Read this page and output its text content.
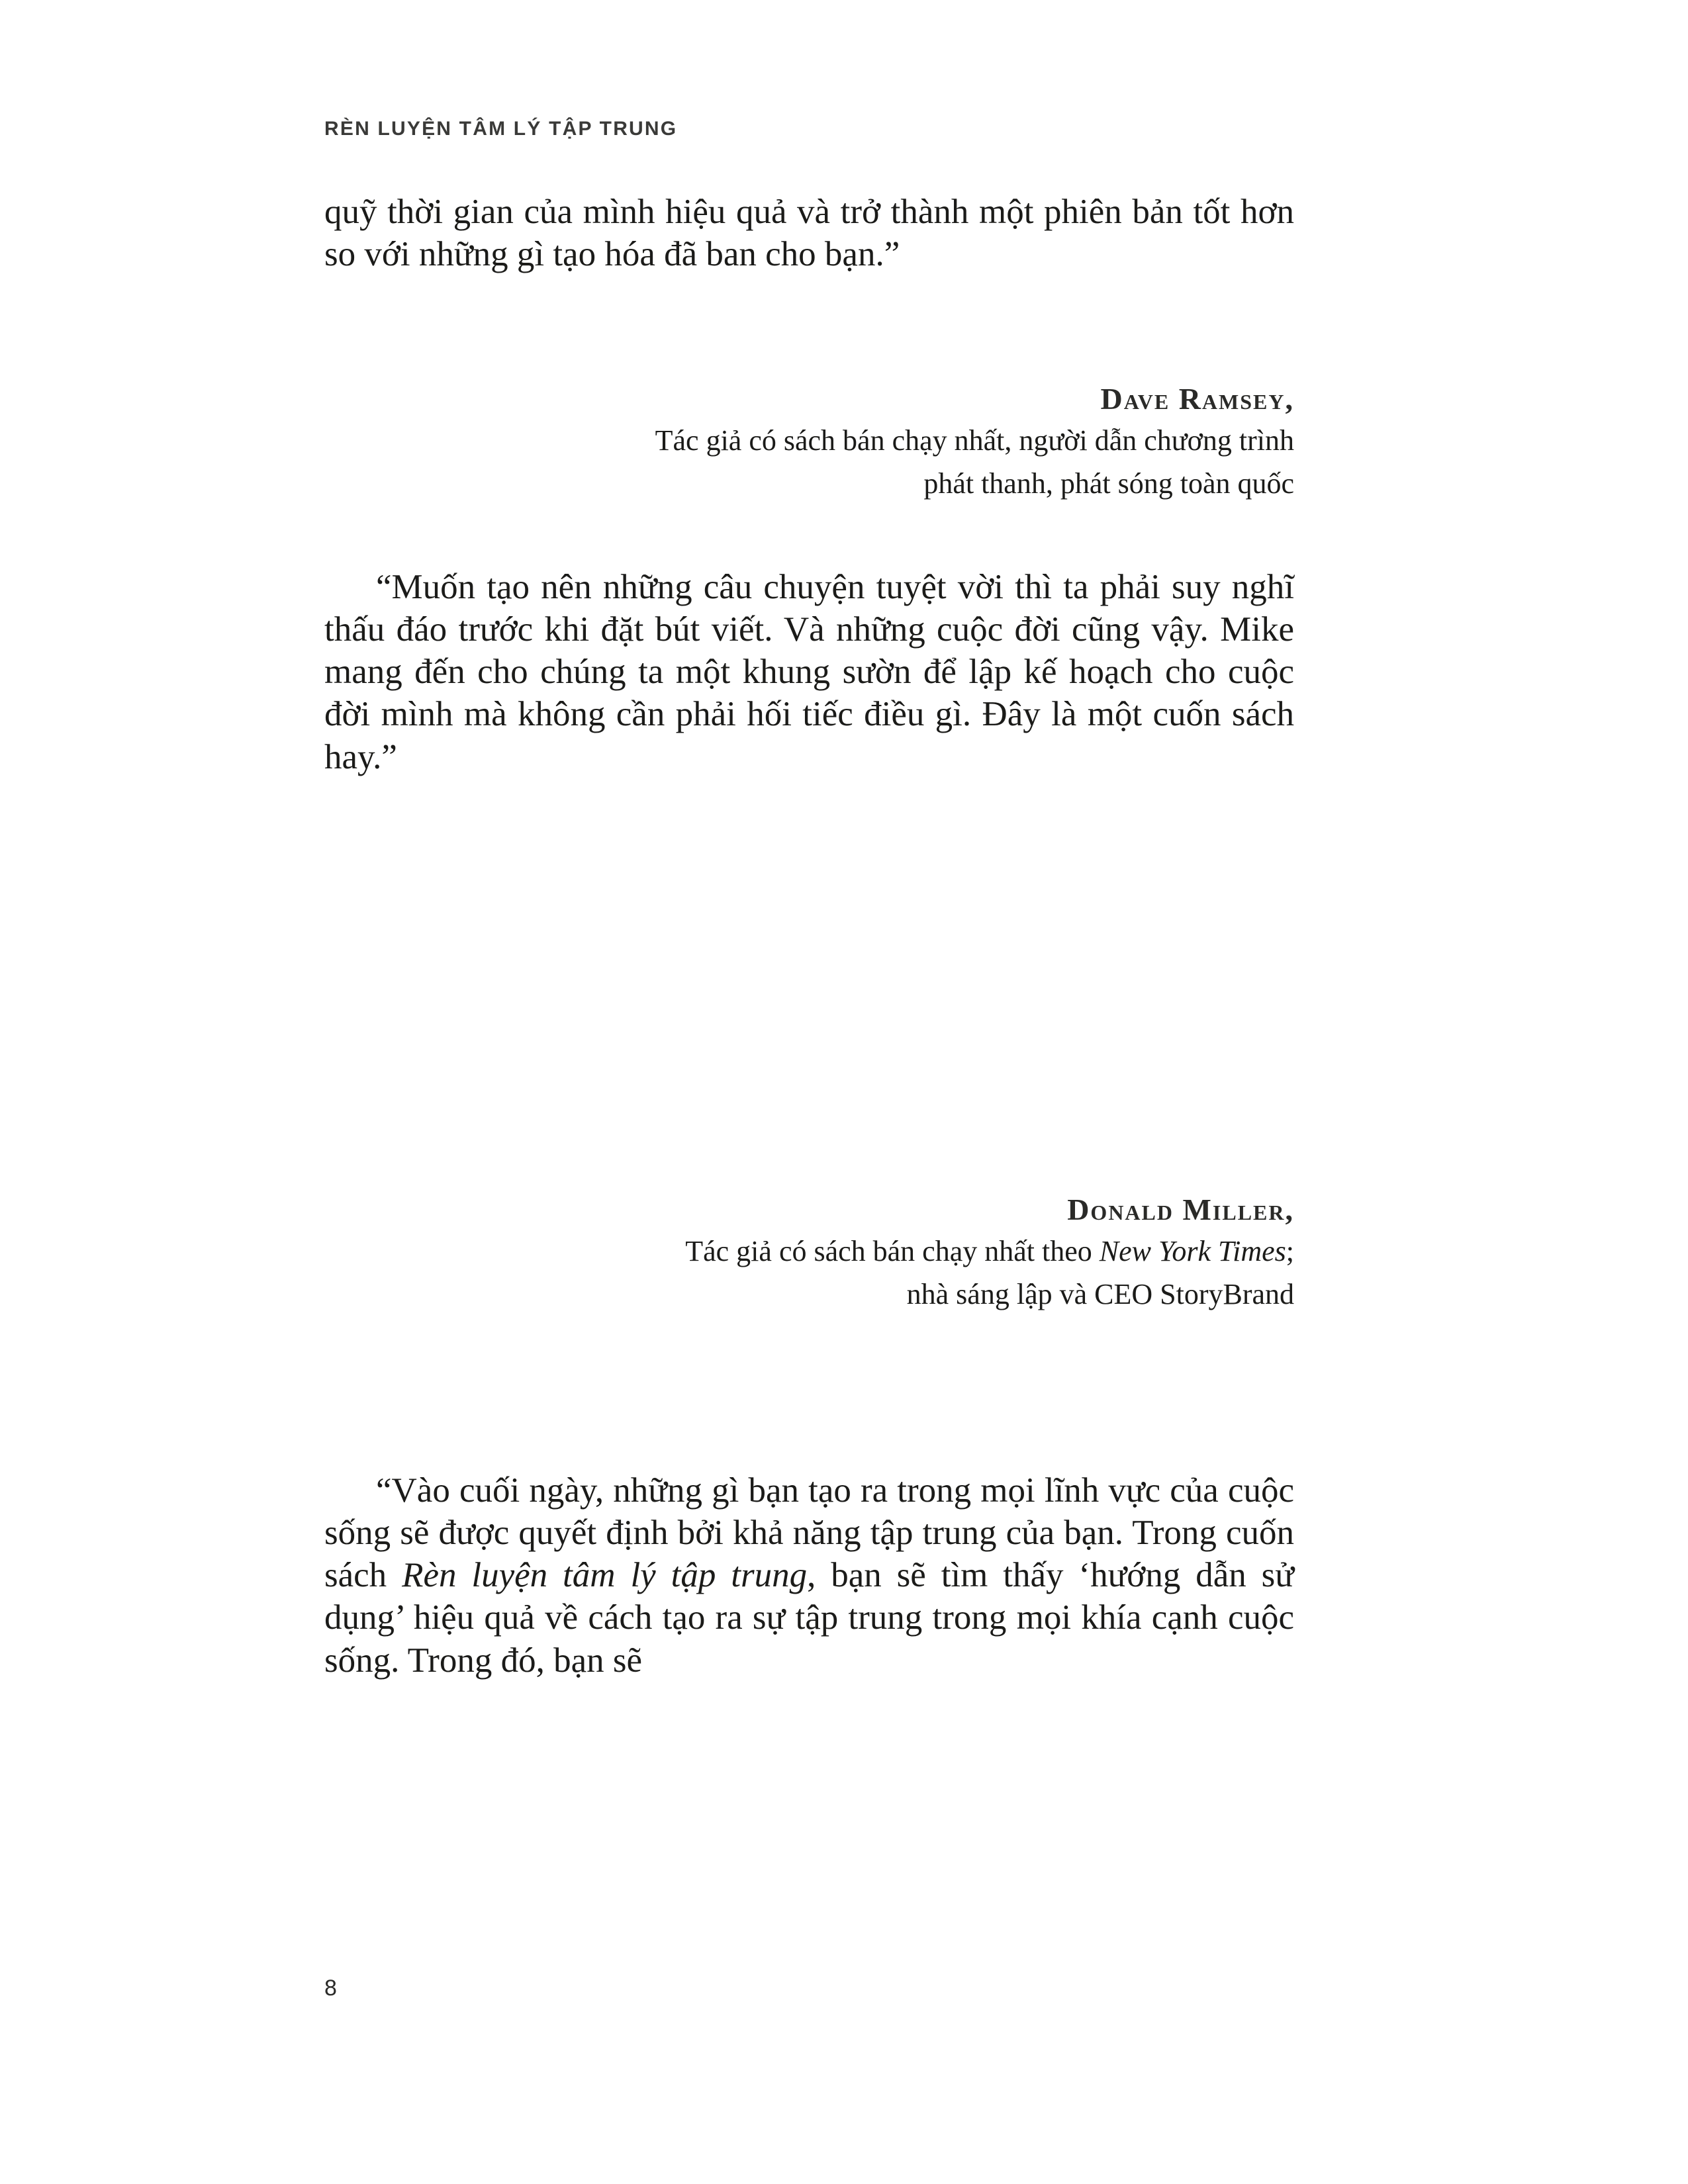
RÈN LUYỆN TÂM LÝ TẬP TRUNG

quỹ thời gian của mình hiệu quả và trở thành một phiên bản tốt hơn so với những gì tạo hóa đã ban cho bạn.”

Dave Ramsey,
Tác giả có sách bán chạy nhất, người dẫn chương trình
phát thanh, phát sóng toàn quốc

“Muốn tạo nên những câu chuyện tuyệt vời thì ta phải suy nghĩ thấu đáo trước khi đặt bút viết. Và những cuộc đời cũng vậy. Mike mang đến cho chúng ta một khung sườn để lập kế hoạch cho cuộc đời mình mà không cần phải hối tiếc điều gì. Đây là một cuốn sách hay.”

Donald Miller,
Tác giả có sách bán chạy nhất theo New York Times;
nhà sáng lập và CEO StoryBrand

“Vào cuối ngày, những gì bạn tạo ra trong mọi lĩnh vực của cuộc sống sẽ được quyết định bởi khả năng tập trung của bạn. Trong cuốn sách Rèn luyện tâm lý tập trung, bạn sẽ tìm thấy ‘hướng dẫn sử dụng’ hiệu quả về cách tạo ra sự tập trung trong mọi khía cạnh cuộc sống. Trong đó, bạn sẽ

8
